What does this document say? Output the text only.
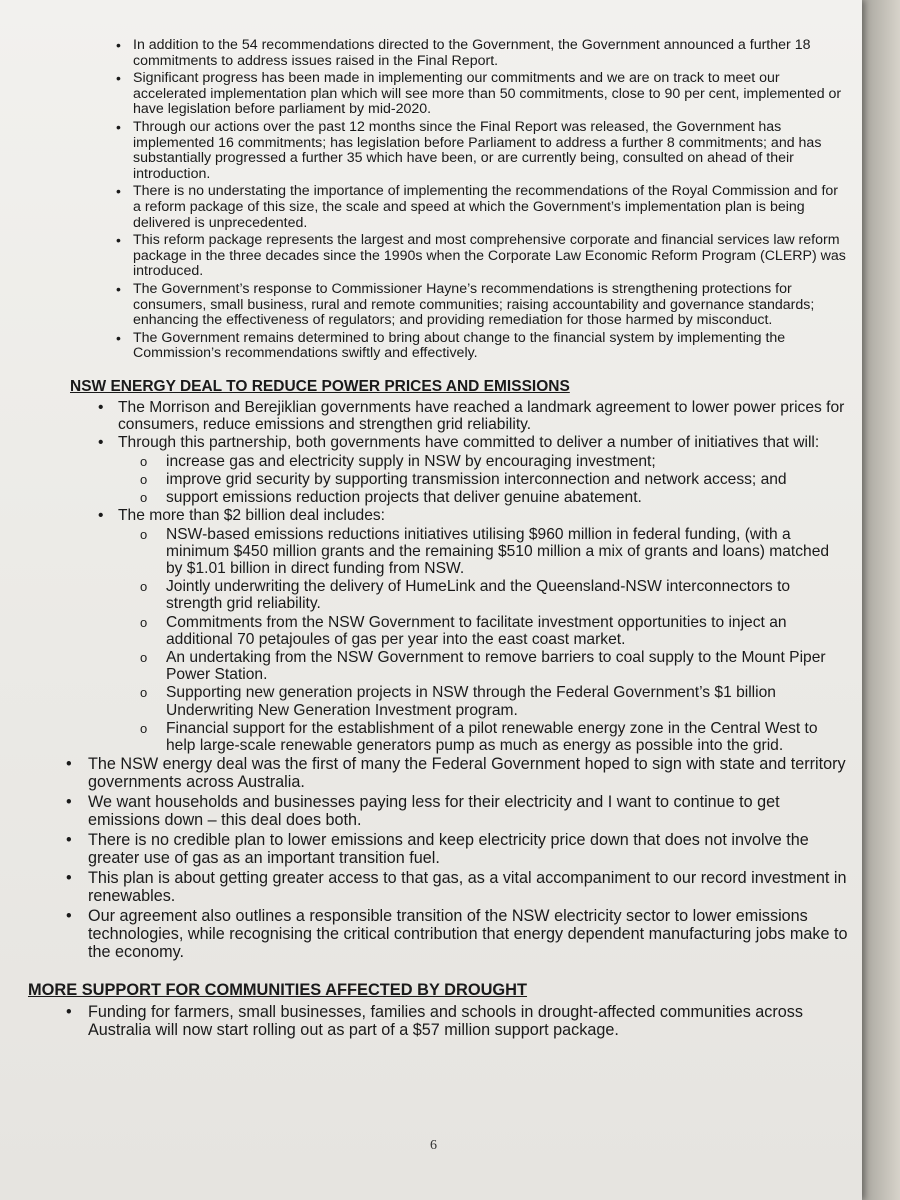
• In addition to the 54 recommendations directed to the Government, the Government announced a further 18 commitments to address issues raised in the Final Report.
• Significant progress has been made in implementing our commitments and we are on track to meet our accelerated implementation plan which will see more than 50 commitments, close to 90 per cent, implemented or have legislation before parliament by mid-2020.
• Through our actions over the past 12 months since the Final Report was released, the Government has implemented 16 commitments; has legislation before Parliament to address a further 8 commitments; and has substantially progressed a further 35 which have been, or are currently being, consulted on ahead of their introduction.
• There is no understating the importance of implementing the recommendations of the Royal Commission and for a reform package of this size, the scale and speed at which the Government’s implementation plan is being delivered is unprecedented.
• This reform package represents the largest and most comprehensive corporate and financial services law reform package in the three decades since the 1990s when the Corporate Law Economic Reform Program (CLERP) was introduced.
• The Government’s response to Commissioner Hayne’s recommendations is strengthening protections for consumers, small business, rural and remote communities; raising accountability and governance standards; enhancing the effectiveness of regulators; and providing remediation for those harmed by misconduct.
• The Government remains determined to bring about change to the financial system by implementing the Commission’s recommendations swiftly and effectively.
NSW ENERGY DEAL TO REDUCE POWER PRICES AND EMISSIONS
• The Morrison and Berejiklian governments have reached a landmark agreement to lower power prices for consumers, reduce emissions and strengthen grid reliability.
• Through this partnership, both governments have committed to deliver a number of initiatives that will:
o increase gas and electricity supply in NSW by encouraging investment;
o improve grid security by supporting transmission interconnection and network access; and
o support emissions reduction projects that deliver genuine abatement.
• The more than $2 billion deal includes:
o NSW-based emissions reductions initiatives utilising $960 million in federal funding, (with a minimum $450 million grants and the remaining $510 million a mix of grants and loans) matched by $1.01 billion in direct funding from NSW.
o Jointly underwriting the delivery of HumeLink and the Queensland-NSW interconnectors to strength grid reliability.
o Commitments from the NSW Government to facilitate investment opportunities to inject an additional 70 petajoules of gas per year into the east coast market.
o An undertaking from the NSW Government to remove barriers to coal supply to the Mount Piper Power Station.
o Supporting new generation projects in NSW through the Federal Government’s $1 billion Underwriting New Generation Investment program.
o Financial support for the establishment of a pilot renewable energy zone in the Central West to help large-scale renewable generators pump as much as energy as possible into the grid.
• The NSW energy deal was the first of many the Federal Government hoped to sign with state and territory governments across Australia.
• We want households and businesses paying less for their electricity and I want to continue to get emissions down – this deal does both.
• There is no credible plan to lower emissions and keep electricity price down that does not involve the greater use of gas as an important transition fuel.
• This plan is about getting greater access to that gas, as a vital accompaniment to our record investment in renewables.
• Our agreement also outlines a responsible transition of the NSW electricity sector to lower emissions technologies, while recognising the critical contribution that energy dependent manufacturing jobs make to the economy.
MORE SUPPORT FOR COMMUNITIES AFFECTED BY DROUGHT
• Funding for farmers, small businesses, families and schools in drought-affected communities across Australia will now start rolling out as part of a $57 million support package.
6
